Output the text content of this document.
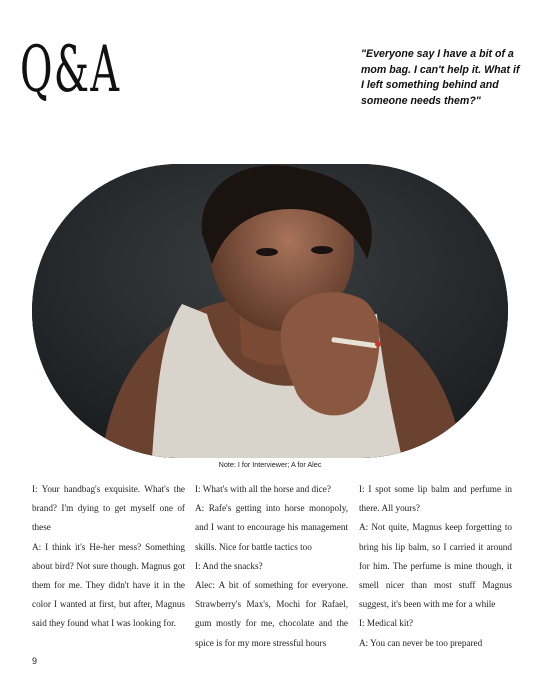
Q&A	"Everyone say I have a bit of a mom bag. I can't help it. What if I left something behind and someone needs them?"
Note: I for Interviewer; A for Alec

I: Your handbag's exquisite. What's the brand? I'm dying to get myself one of these

A: I think it's He-her mess? Something about bird? Not sure though. Magnus got them for me. They didn't have it in the color I wanted at first, but after, Magnus said they found what I was looking for.

I: What's with all the horse and dice?

A: Rafe's getting into horse monopoly, and I want to encourage his management skills. Nice for battle tactics too

I: And the snacks?

Alec: A bit of something for everyone. Strawberry's Max's, Mochi for Rafael, gum mostly for me, chocolate and the spice is for my more stressful hours

I: I spot some lip balm and perfume in there. All yours?

A: Not quite, Magnus keep forgetting to bring his lip balm, so I carried it around for him. The perfume is mine though, it smell nicer than most stuff Magnus suggest, it's been with me for a while

I: Medical kit?

A: You can never be too prepared

9
